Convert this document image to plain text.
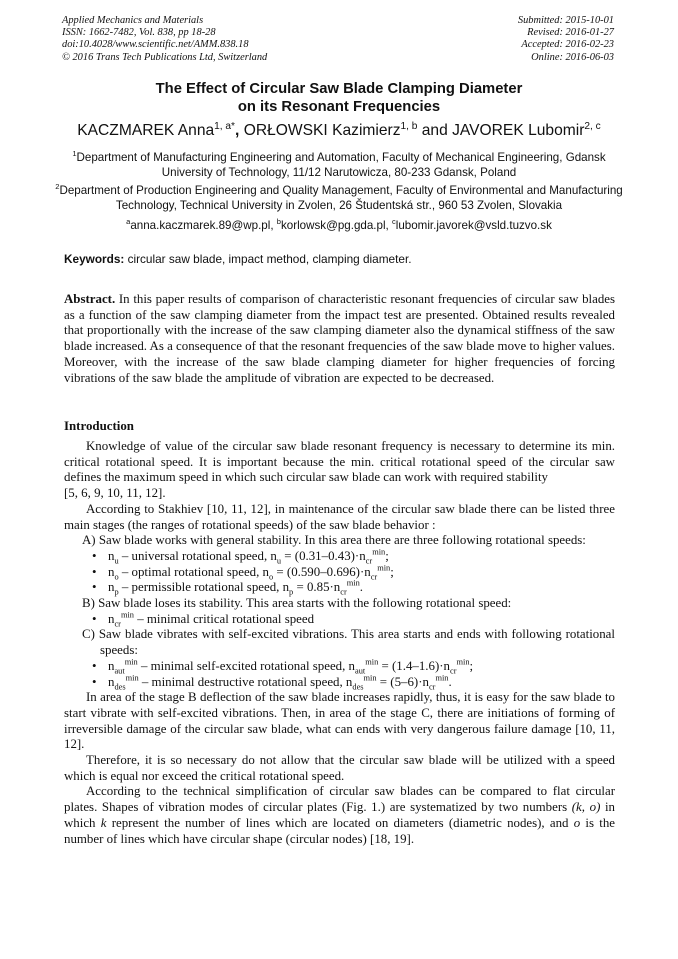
Applied Mechanics and Materials
ISSN: 1662-7482, Vol. 838, pp 18-28
doi:10.4028/www.scientific.net/AMM.838.18
© 2016 Trans Tech Publications Ltd, Switzerland
Submitted: 2015-10-01
Revised: 2016-01-27
Accepted: 2016-02-23
Online: 2016-06-03
The Effect of Circular Saw Blade Clamping Diameter
on its Resonant Frequencies
KACZMAREK Anna$^{1, a*}$, ORŁOWSKI Kazimierz$^{1, b}$ and JAVOREK Lubomir$^{2, c}$
$^1$Department of Manufacturing Engineering and Automation, Faculty of Mechanical Engineering, Gdansk University of Technology, 11/12 Narutowicza, 80-233 Gdansk, Poland
$^2$Department of Production Engineering and Quality Management, Faculty of Environmental and Manufacturing Technology, Technical University in Zvolen, 26 Študentská str., 960 53 Zvolen, Slovakia
$^a$anna.kaczmarek.89@wp.pl, $^b$korlowsk@pg.gda.pl, $^c$lubomir.javorek@vsld.tuzvo.sk
Keywords: circular saw blade, impact method, clamping diameter.
Abstract. In this paper results of comparison of characteristic resonant frequencies of circular saw blades as a function of the saw clamping diameter from the impact test are presented. Obtained results revealed that proportionally with the increase of the saw clamping diameter also the dynamical stiffness of the saw blade increased. As a consequence of that the resonant frequencies of the saw blade move to higher values. Moreover, with the increase of the saw blade clamping diameter for higher frequencies of forcing vibrations of the saw blade the amplitude of vibration are expected to be decreased.
Introduction

Knowledge of value of the circular saw blade resonant frequency is necessary to determine its min. critical rotational speed. It is important because the min. critical rotational speed of the circular saw defines the maximum speed in which such circular saw blade can work with required stability

[5, 6, 9, 10, 11, 12].

According to Stakhiev [10, 11, 12], in maintenance of the circular saw blade there can be listed three main stages (the ranges of rotational speeds) of the saw blade behavior :

A) Saw blade works with general stability. In this area there are three following rotational speeds:

• $n_u$ – universal rotational speed, $n_u = (0.31-0.43)\cdot n_{cr}^{min}$;

• $n_o$ – optimal rotational speed, $n_o = (0.590-0.696)\cdot n_{cr}^{min}$;

• $n_p$ – permissible rotational speed, $n_p = 0.85\cdot n_{cr}^{min}$.

B) Saw blade loses its stability. This area starts with the following rotational speed:

• $n_{cr}^{min}$ – minimal critical rotational speed

C) Saw blade vibrates with self-excited vibrations. This area starts and ends with following rotational speeds:

• $n_{aut}^{min}$ – minimal self-excited rotational speed, $n_{aut}^{min} = (1.4-1.6)\cdot n_{cr}^{min}$;

• $n_{des}^{min}$ – minimal destructive rotational speed, $n_{des}^{min} = (5-6)\cdot n_{cr}^{min}$.

In area of the stage B deflection of the saw blade increases rapidly, thus, it is easy for the saw blade to start vibrate with self-excited vibrations. Then, in area of the stage C, there are initiations of forming of irreversible damage of the circular saw blade, what can ends with very dangerous failure damage [10, 11, 12].

Therefore, it is so necessary do not allow that the circular saw blade will be utilized with a speed which is equal nor exceed the critical rotational speed.

According to the technical simplification of circular saw blades can be compared to flat circular plates. Shapes of vibration modes of circular plates (Fig. 1.) are systematized by two numbers (k, o) in which k represent the number of lines which are located on diameters (diametric nodes), and o is the number of lines which have circular shape (circular nodes) [18, 19].
